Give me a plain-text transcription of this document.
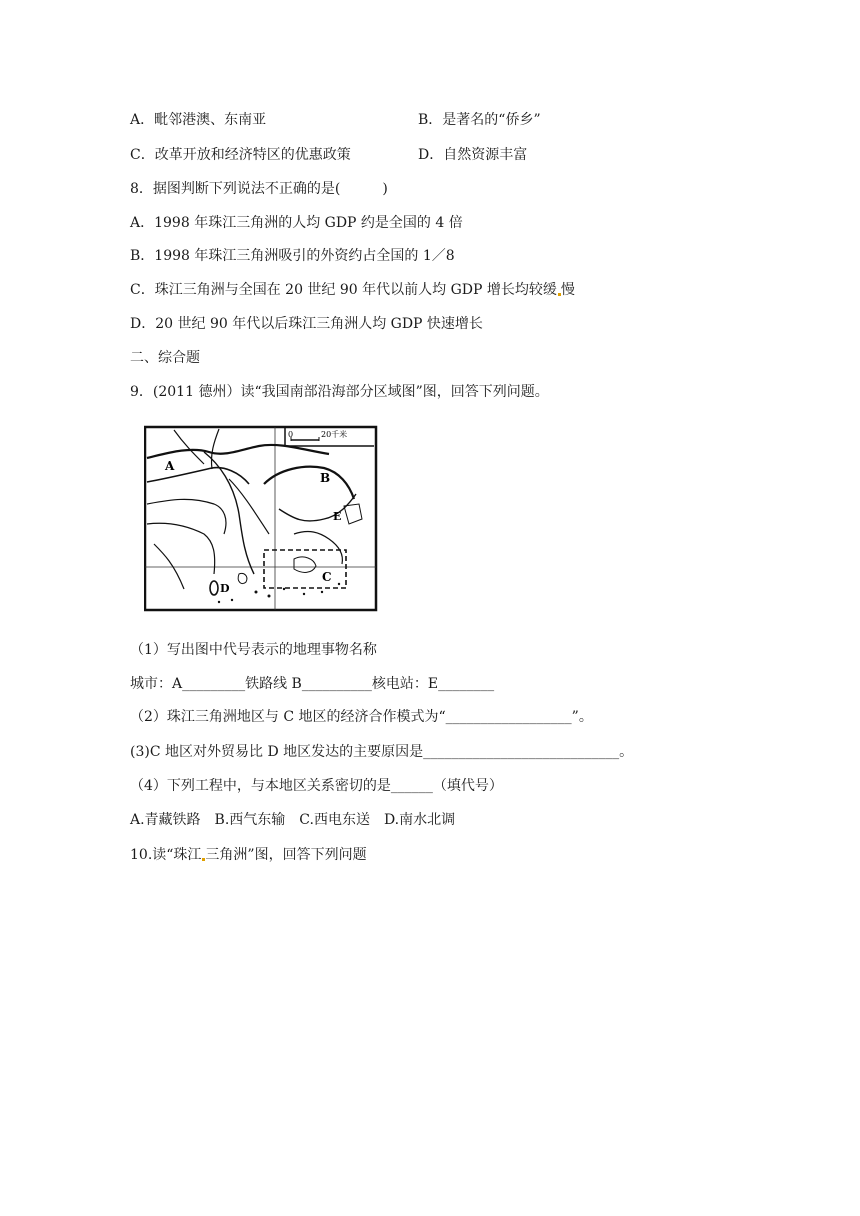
A．毗邻港澳、东南亚	B．是著名的“侨乡”
C．改革开放和经济特区的优惠政策	D．自然资源丰富
8．据图判断下列说法不正确的是(　　　)
A．1998 年珠江三角洲的人均 GDP 约是全国的 4 倍
B．1998 年珠江三角洲吸引的外资约占全国的 1／8
C．珠江三角洲与全国在 20 世纪 90 年代以前人均 GDP 增长均较缓 慢
D．20 世纪 90 年代以后珠江三角洲人均 GDP 快速增长
二、综合题
9．(2011 德州）读“我国南部沿海部分区域图”图，回答下列问题。
0	20千米
A
B
E
C
D
（1）写出图中代号表示的地理事物名称
城市：A_________铁路线 B__________核电站：E________
（2）珠江三角洲地区与 C 地区的经济合作模式为“__________________”。
(3)C 地区对外贸易比 D 地区发达的主要原因是____________________________。
（4）下列工程中，与本地区关系密切的是______（填代号）
A.青藏铁路　B.西气东输　C.西电东送　D.南水北调
10.读“珠江 三角洲”图，回答下列问题
